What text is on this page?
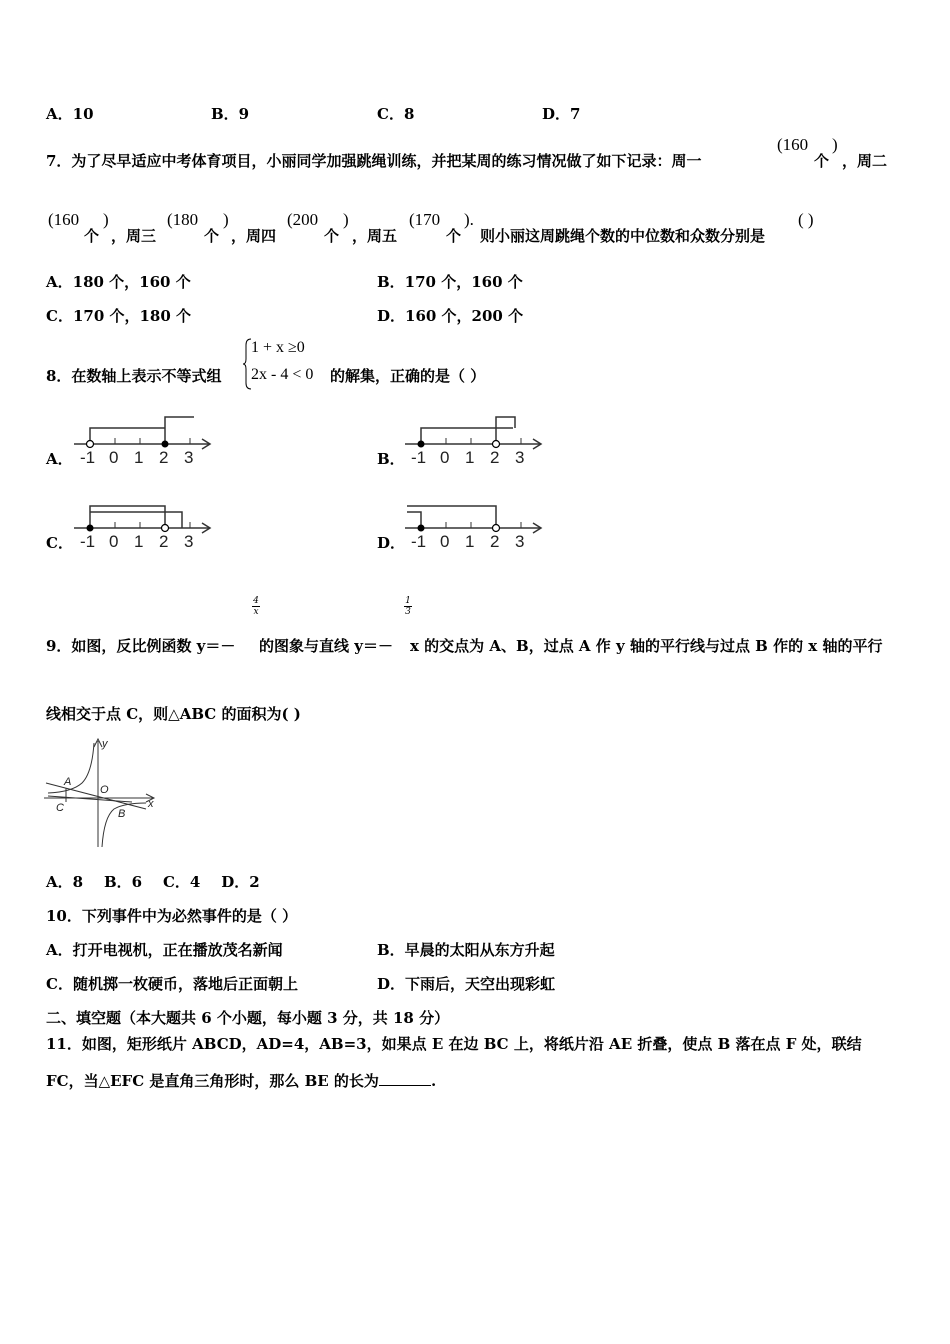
A．10	B．9	C．8	D．7
7．为了尽早适应中考体育项目，小丽同学加强跳绳训练，并把某周的练习情况做了如下记录：周一
(160
个
)
，周二
(160
个
)
，周三
(180
个
)
，周四
(200
个
)
，周五
(170
个
).
则小丽这周跳绳个数的中位数和众数分别是
( )
A．180 个，160 个	B．170 个，160 个
C．170 个，180 个	D．160 个，200 个
8．在数轴上表示不等式组
1 + x ≥0
2x - 4 < 0 的解集，正确的是（ ）
A．	B．
C．	D．
-1 0 1 2 3	-1 0 1 2 3
-1 0 1 2 3	-1 0 1 2 3
4
x
1
3
9．如图，反比例函数 y＝－ 的图象与直线 y＝－ x 的交点为 A、B，过点 A 作 y 轴的平行线与过点 B 作的 x 轴的平行
线相交于点 C，则△ABC 的面积为( )
y
x
A
O
C	B
A．8    B．6    C．4    D．2
10．下列事件中为必然事件的是（ ）
A．打开电视机，正在播放茂名新闻	B．早晨的太阳从东方升起
C．随机掷一枚硬币，落地后正面朝上	D．下雨后，天空出现彩虹
二、填空题（本大题共 6 个小题，每小题 3 分，共 18 分）
11．如图，矩形纸片 ABCD，AD=4，AB=3，如果点 E 在边 BC 上，将纸片沿 AE 折叠，使点 B 落在点 F 处，联结
FC，当△EFC 是直角三角形时，那么 BE 的长为	.
